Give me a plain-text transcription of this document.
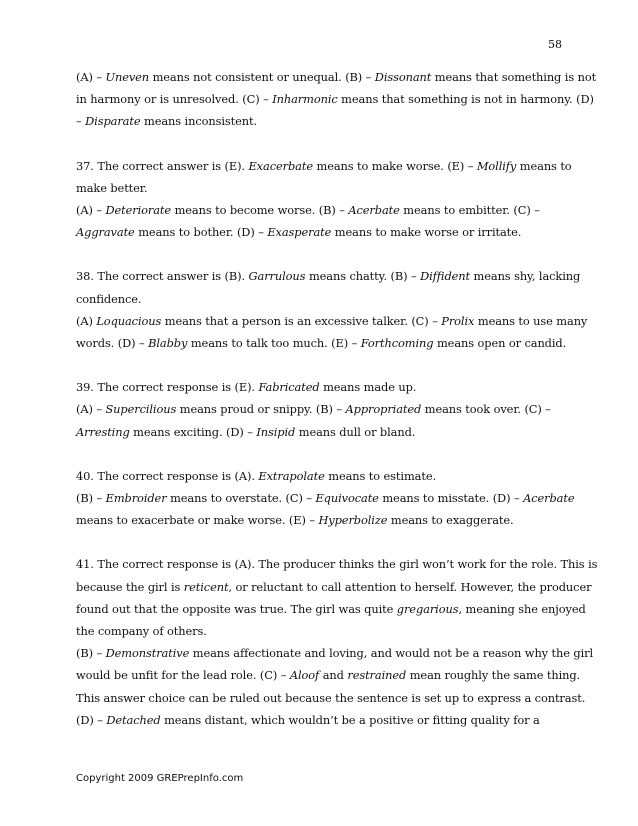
58
(A) – Uneven means not consistent or unequal. (B) – Dissonant means that something is not
in harmony or is unresolved. (C) – Inharmonic means that something is not in harmony. (D)
– Disparate means inconsistent.
37. The correct answer is (E). Exacerbate means to make worse. (E) – Mollify means to
make better.
(A) – Deteriorate means to become worse. (B) – Acerbate means to embitter. (C) –
Aggravate means to bother. (D) – Exasperate means to make worse or irritate.
38. The correct answer is (B). Garrulous means chatty. (B) – Diffident means shy, lacking
confidence.
(A) Loquacious means that a person is an excessive talker. (C) – Prolix means to use many
words. (D) – Blabby means to talk too much. (E) – Forthcoming means open or candid.
39. The correct response is (E). Fabricated means made up.
(A) – Supercilious means proud or snippy. (B) – Appropriated means took over. (C) –
Arresting means exciting. (D) – Insipid means dull or bland.
40. The correct response is (A). Extrapolate means to estimate.
(B) – Embroider means to overstate. (C) – Equivocate means to misstate. (D) – Acerbate
means to exacerbate or make worse. (E) – Hyperbolize means to exaggerate.
41. The correct response is (A). The producer thinks the girl won’t work for the role. This is
because the girl is reticent, or reluctant to call attention to herself. However, the producer
found out that the opposite was true. The girl was quite gregarious, meaning she enjoyed
the company of others.
(B) – Demonstrative means affectionate and loving, and would not be a reason why the girl
would be unfit for the lead role. (C) – Aloof and restrained mean roughly the same thing.
This answer choice can be ruled out because the sentence is set up to express a contrast.
(D) – Detached means distant, which wouldn’t be a positive or fitting quality for a
Copyright 2009 GREPrepInfo.com
